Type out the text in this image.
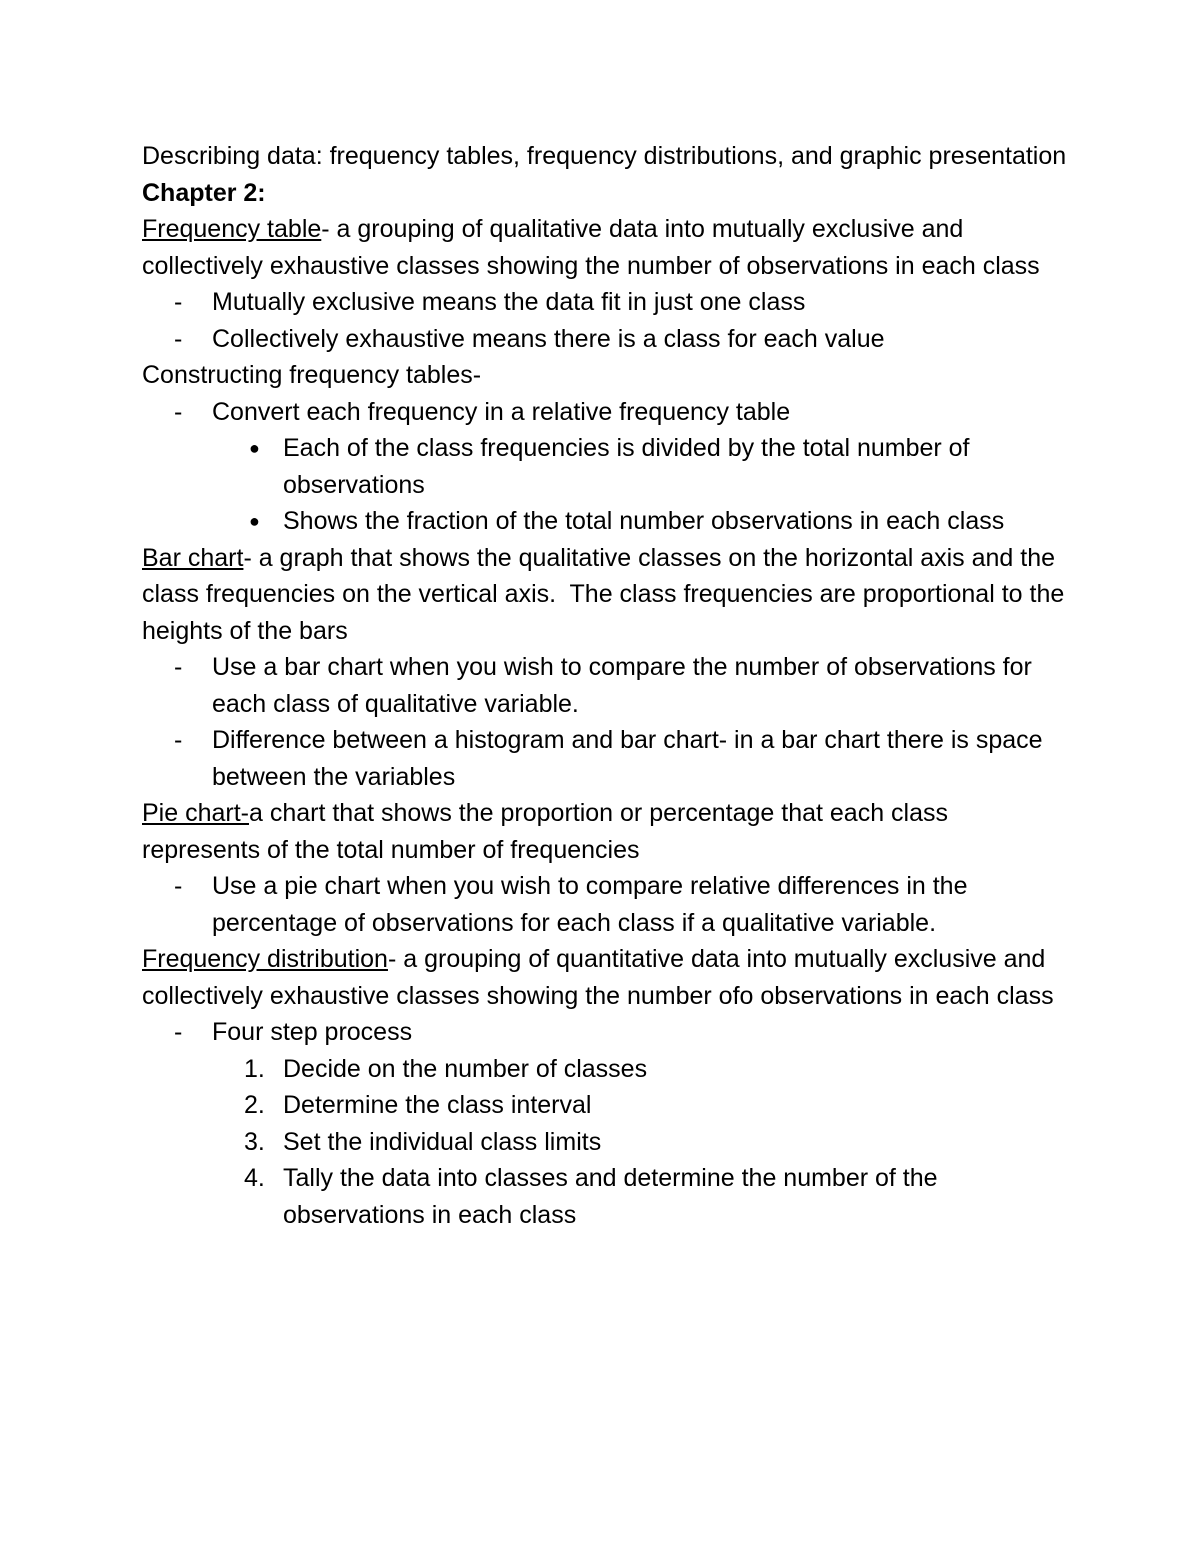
Describing data: frequency tables, frequency distributions, and graphic presentation

Chapter 2:

Frequency table- a grouping of qualitative data into mutually exclusive and collectively exhaustive classes showing the number of observations in each class

- Mutually exclusive means the data fit in just one class

- Collectively exhaustive means there is a class for each value

Constructing frequency tables-

- Convert each frequency in a relative frequency table

● Each of the class frequencies is divided by the total number of observations

● Shows the fraction of the total number observations in each class

Bar chart- a graph that shows the qualitative classes on the horizontal axis and the class frequencies on the vertical axis.  The class frequencies are proportional to the heights of the bars

- Use a bar chart when you wish to compare the number of observations for each class of qualitative variable.

- Difference between a histogram and bar chart- in a bar chart there is space between the variables

Pie chart-a chart that shows the proportion or percentage that each class represents of the total number of frequencies

- Use a pie chart when you wish to compare relative differences in the percentage of observations for each class if a qualitative variable.

Frequency distribution- a grouping of quantitative data into mutually exclusive and collectively exhaustive classes showing the number ofo observations in each class

- Four step process

1. Decide on the number of classes

2. Determine the class interval

3. Set the individual class limits

4. Tally the data into classes and determine the number of the observations in each class
